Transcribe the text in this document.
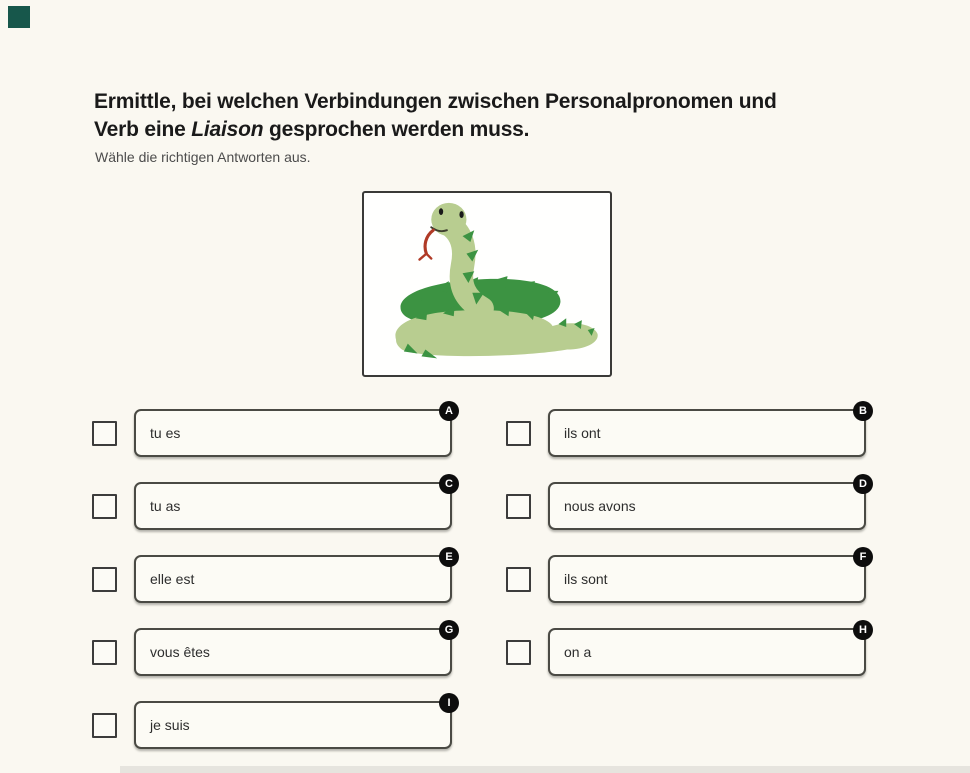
Ermittle, bei welchen Verbindungen zwischen Personalpronomen und
Verb eine Liaison gesprochen werden muss.
Wähle die richtigen Antworten aus.
tu es
A
tu as
C
elle est
E
vous êtes
G
je suis
I
ils ont
B
nous avons
D
ils sont
F
on a
H
